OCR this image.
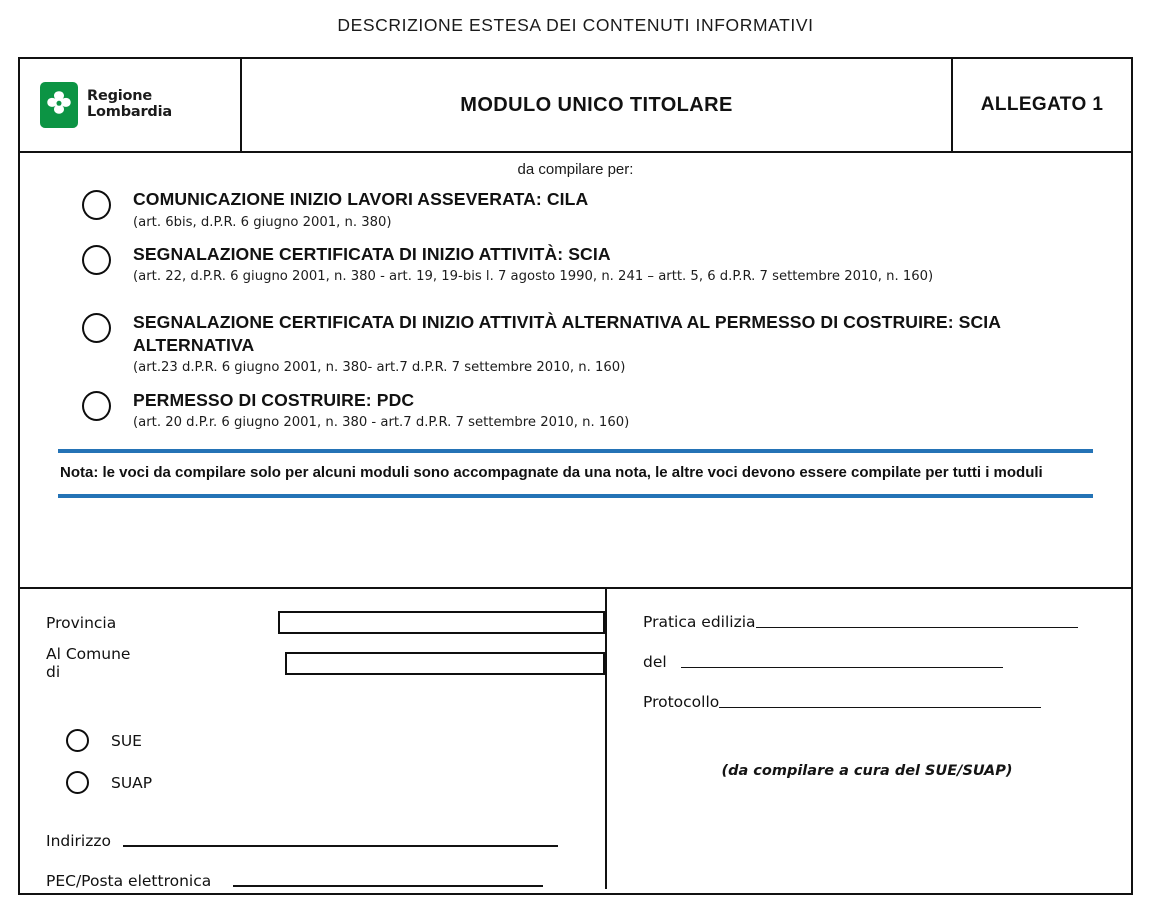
DESCRIZIONE ESTESA DEI CONTENUTI INFORMATIVI
Regione
Lombardia	MODULO UNICO TITOLARE	ALLEGATO 1
da compilare per:
COMUNICAZIONE INIZIO LAVORI ASSEVERATA: CILA
(art. 6bis, d.P.R. 6 giugno 2001, n. 380)
SEGNALAZIONE CERTIFICATA DI INIZIO ATTIVITÀ: SCIA
(art. 22, d.P.R. 6 giugno 2001, n. 380 - art. 19, 19-bis l. 7 agosto 1990, n. 241 – artt. 5, 6 d.P.R. 7 settembre 2010, n. 160)
SEGNALAZIONE CERTIFICATA DI INIZIO ATTIVITÀ ALTERNATIVA AL PERMESSO DI COSTRUIRE: SCIA ALTERNATIVA
(art.23 d.P.R. 6 giugno 2001, n. 380- art.7 d.P.R. 7 settembre 2010, n. 160)
PERMESSO DI COSTRUIRE: PDC
(art. 20 d.P.r. 6 giugno 2001, n. 380 - art.7 d.P.R. 7 settembre 2010, n. 160)
Nota: le voci da compilare solo per alcuni moduli sono accompagnate da una nota, le altre voci devono essere compilate per tutti i moduli
Provincia
Al Comune di
SUE
SUAP
Indirizzo
PEC/Posta elettronica
Pratica edilizia
del
Protocollo
(da compilare a cura del SUE/SUAP)
